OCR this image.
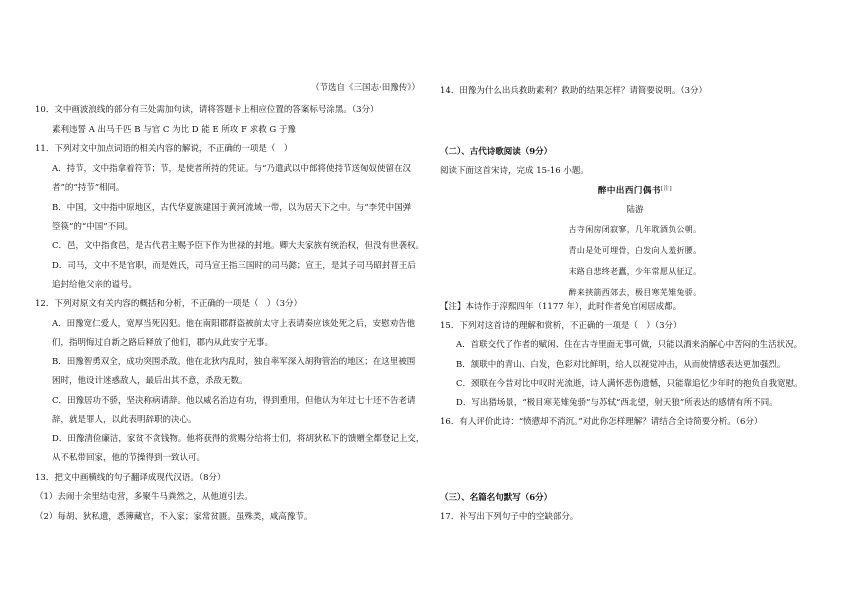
（节选自《三国志·田豫传》）
10．文中画波浪线的部分有三处需加句读，请将答题卡上相应位置的答案标号涂黑。（3分）
素利违誓 A 出马千匹 B 与官 C 为比 D 能 E 所攻 F 求救 G 于豫
11．下列对文中加点词语的相关内容的解说，不正确的一项是（　）
A．持节，文中指拿着符节；节，是使者所持的凭证。与“乃遣武以中郎将使持节送匈奴使留在汉
者”的“持节”相同。
B．中国，文中指中原地区，古代华夏族建国于黄河流域一带，以为居天下之中。与“李凭中国弹
箜篌”的“中国”不同。
C．邑，文中指食邑，是古代君主赐予臣下作为世禄的封地。卿大夫家族有统治权，但没有世袭权。
D．司马，文中不是官职，而是姓氏，司马宣王指三国时的司马懿；宣王，是其子司马昭封晋王后
追封给他父亲的谥号。
12．下列对原文有关内容的概括和分析，不正确的一项是（　）（3分）
A．田豫宽仁爱人，宽厚当死囚犯。他在南阳郡群盗被前太守上表请奏应该处死之后，安慰劝告他
们，指明悔过自新之路后释放了他们，郡内从此安宁无事。
B．田豫智勇双全，成功突围杀敌。他在北狄内乱时，独自率军深入胡狗管治的地区；在这里被围
困时，他设计迷惑敌人，最后出其不意，杀敌无数。
C．田豫居功不骄，坚决称病请辞。他以威名治边有功，得到重用，但他认为年过七十还不告老请
辞，就是罪人，以此表明辞职的决心。
D．田豫清俭廉洁，家贫不贪钱物。他将获得的赏赐分给将士们，将胡狄私下的馈赠全都登记上交，
从不私带回家，他的节操得到一致认可。
13．把文中画横线的句子翻译成现代汉语。（8分）
（1）去闹十余里结屯营，多聚牛马粪然之，从他道引去。
（2）每胡、狄私遗，悉簿藏官，不入家；家常贫匮。虽殊类，咸高豫节。
14．田豫为什么出兵救助素利？救助的结果怎样？请简要说明。（3分）
（二）、古代诗歌阅读（9分）
阅读下面这首宋诗，完成 15-16 小题。
醉中出西门偶书[注]
陆游
古寺闲房闭寂寥，几年耽酒负公朝。
青山是处可埋骨，白发向人羞折腰。
末路自悲终老蠹，少年常愿从征辽。
醉来挟箭西郊去，极目寒芜雉兔骄。
【注】本诗作于淳熙四年（1177 年），此时作者免官闲居成都。
15．下列对这首诗的理解和赏析，不正确的一项是（　）（3分）
A．首联交代了作者的赋闲、住在古寺里面无事可做，只能以酒来消解心中苦闷的生活状况。
B．颔联中的青山、白发，色彩对比鲜明，给人以视觉冲击，从而使情感表达更加强烈。
C．颈联在今昔对比中叹时光流逝，诗人满怀悲伤遗憾，只能靠追忆少年时的抱负自我宽慰。
D．写出猎场景，“极目寒芜雉兔骄”与苏轼“西北望，射天狼”所表达的感情有所不同。
16．有人评价此诗：“愤懑却不消沉。”对此你怎样理解？请结合全诗简要分析。（6分）
（三）、名篇名句默写（6分）
17．补写出下列句子中的空缺部分。
